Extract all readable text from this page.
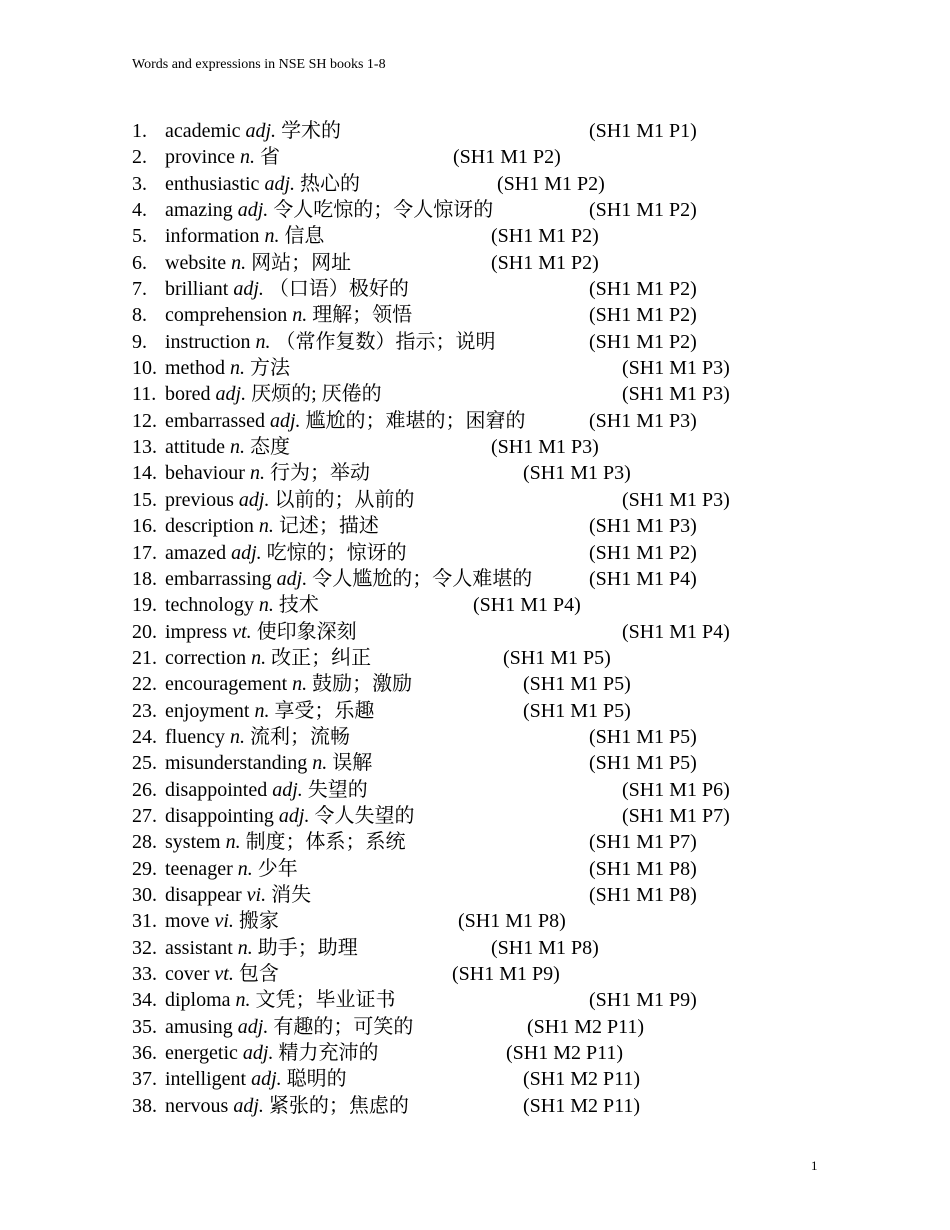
Words and expressions in NSE SH books 1-8
1. academic adj. 学术的	(SH1 M1 P1)
2. province n. 省	(SH1 M1 P2)
3. enthusiastic adj. 热心的	(SH1 M1 P2)
4. amazing adj. 令人吃惊的；令人惊讶的	(SH1 M1 P2)
5. information n. 信息	(SH1 M1 P2)
6. website n. 网站；网址	(SH1 M1 P2)
7. brilliant adj. （口语）极好的	(SH1 M1 P2)
8. comprehension n. 理解；领悟	(SH1 M1 P2)
9. instruction n. （常作复数）指示；说明	(SH1 M1 P2)
10. method n. 方法	(SH1 M1 P3)
11. bored adj. 厌烦的; 厌倦的	(SH1 M1 P3)
12. embarrassed adj. 尴尬的；难堪的；困窘的	(SH1 M1 P3)
13. attitude n. 态度	(SH1 M1 P3)
14. behaviour n. 行为；举动	(SH1 M1 P3)
15. previous adj. 以前的；从前的	(SH1 M1 P3)
16. description n. 记述；描述	(SH1 M1 P3)
17. amazed adj. 吃惊的；惊讶的	(SH1 M1 P2)
18. embarrassing adj. 令人尴尬的；令人难堪的	(SH1 M1 P4)
19. technology n. 技术	(SH1 M1 P4)
20. impress vt. 使印象深刻	(SH1 M1 P4)
21. correction n. 改正；纠正	(SH1 M1 P5)
22. encouragement n. 鼓励；激励	(SH1 M1 P5)
23. enjoyment n. 享受；乐趣	(SH1 M1 P5)
24. fluency n. 流利；流畅	(SH1 M1 P5)
25. misunderstanding n. 误解	(SH1 M1 P5)
26. disappointed adj. 失望的	(SH1 M1 P6)
27. disappointing adj. 令人失望的	(SH1 M1 P7)
28. system n. 制度；体系；系统	(SH1 M1 P7)
29. teenager n. 少年	(SH1 M1 P8)
30. disappear vi. 消失	(SH1 M1 P8)
31. move vi. 搬家	(SH1 M1 P8)
32. assistant n. 助手；助理	(SH1 M1 P8)
33. cover vt. 包含	(SH1 M1 P9)
34. diploma n. 文凭；毕业证书	(SH1 M1 P9)
35. amusing adj. 有趣的；可笑的	(SH1 M2 P11)
36. energetic adj. 精力充沛的	(SH1 M2 P11)
37. intelligent adj. 聪明的	(SH1 M2 P11)
38. nervous adj. 紧张的；焦虑的	(SH1 M2 P11)
1
